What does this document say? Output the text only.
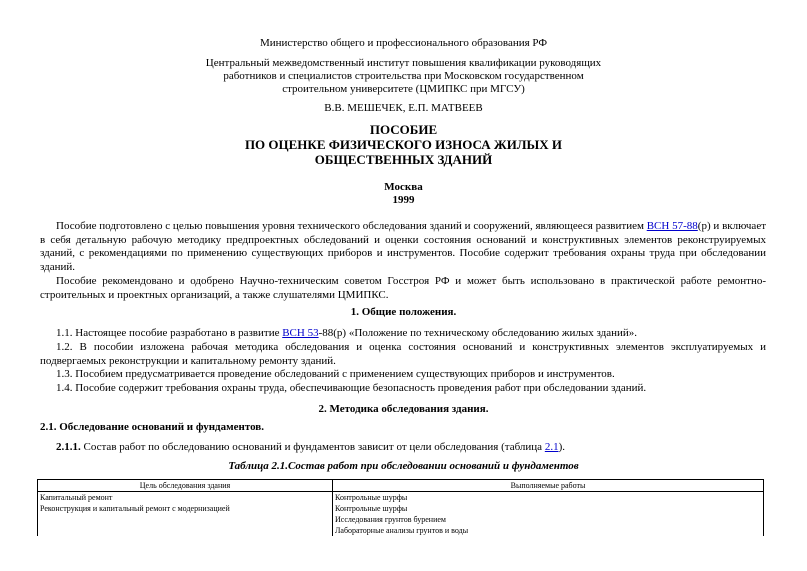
Министерство общего и профессионального образования РФ
Центральный межведомственный институт повышения квалификации руководящих
работников и специалистов строительства при Московском государственном
строительном университете (ЦМИПКС при МГСУ)
В.В. МЕШЕЧЕК, Е.П. МАТВЕЕВ
ПОСОБИЕ
ПО ОЦЕНКЕ ФИЗИЧЕСКОГО ИЗНОСА ЖИЛЫХ И
ОБЩЕСТВЕННЫХ ЗДАНИЙ
Москва
1999
Пособие подготовлено с целью повышения уровня технического обследования зданий и сооружений, являющееся развитием ВСН 57-88(р) и включает в себя детальную рабочую методику предпроектных обследований и оценки состояния оснований и конструктивных элементов реконструируемых зданий, с рекомендациями по применению существующих приборов и инструментов. Пособие содержит требования охраны труда при обследовании зданий.
Пособие рекомендовано и одобрено Научно-техническим советом Госстроя РФ и может быть использовано в практической работе ремонтно-строительных и проектных организаций, а также слушателями ЦМИПКС.
1. Общие положения.
1.1. Настоящее пособие разработано в развитие ВСН 53-88(р) «Положение по техническому обследованию жилых зданий».
1.2. В пособии изложена рабочая методика обследования и оценка состояния оснований и конструктивных элементов эксплуатируемых и подвергаемых реконструкции и капитальному ремонту зданий.
1.3. Пособием предусматривается проведение обследований с применением существующих приборов и инструментов.
1.4. Пособие содержит требования охраны труда, обеспечивающие безопасность проведения работ при обследовании зданий.
2. Методика обследования здания.
2.1. Обследование оснований и фундаментов.
2.1.1. Состав работ по обследованию оснований и фундаментов зависит от цели обследования (таблица 2.1).
Таблица 2.1.Состав работ при обследовании оснований и фундаментов
Цель обследования здания	Выполняемые работы
Капитальный ремонт	Контрольные шурфы
Реконструкция и капитальный ремонт с модернизацией	Контрольные шурфы
	Исследования грунтов бурением
	Лабораторные анализы грунтов и воды
